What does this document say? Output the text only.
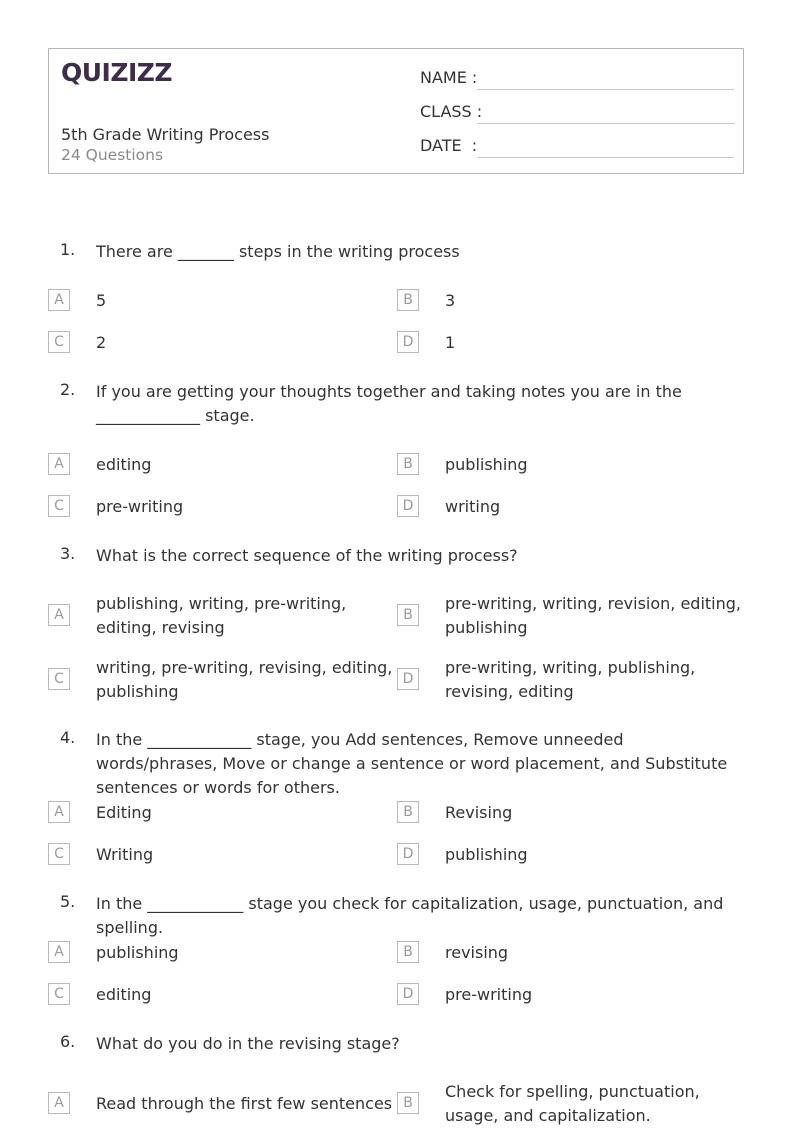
QUIZIZZ
5th Grade Writing Process
24 Questions
NAME :
CLASS :
DATE  :
1. There are _______ steps in the writing process
A	5	B	3
C	2	D	1
2. If you are getting your thoughts together and taking notes you are in the _____________ stage.
A	editing	B	publishing
C	pre-writing	D	writing
3. What is the correct sequence of the writing process?
A
publishing, writing, pre-writing, editing, revising
B
pre-writing, writing, revision, editing, publishing
C
writing, pre-writing, revising, editing, publishing
D
pre-writing, writing, publishing, revising, editing
4. In the _____________ stage, you Add sentences, Remove unneeded words/phrases, Move or change a sentence or word placement, and Substitute sentences or words for others.
A	Editing	B	Revising
C	Writing	D	publishing
5. In the ____________ stage you check for capitalization, usage, punctuation, and spelling.
A	publishing	B	revising
C	editing	D	pre-writing
6. What do you do in the revising stage?
A	Read through the first few sentences B
Check for spelling, punctuation, usage, and capitalization.
